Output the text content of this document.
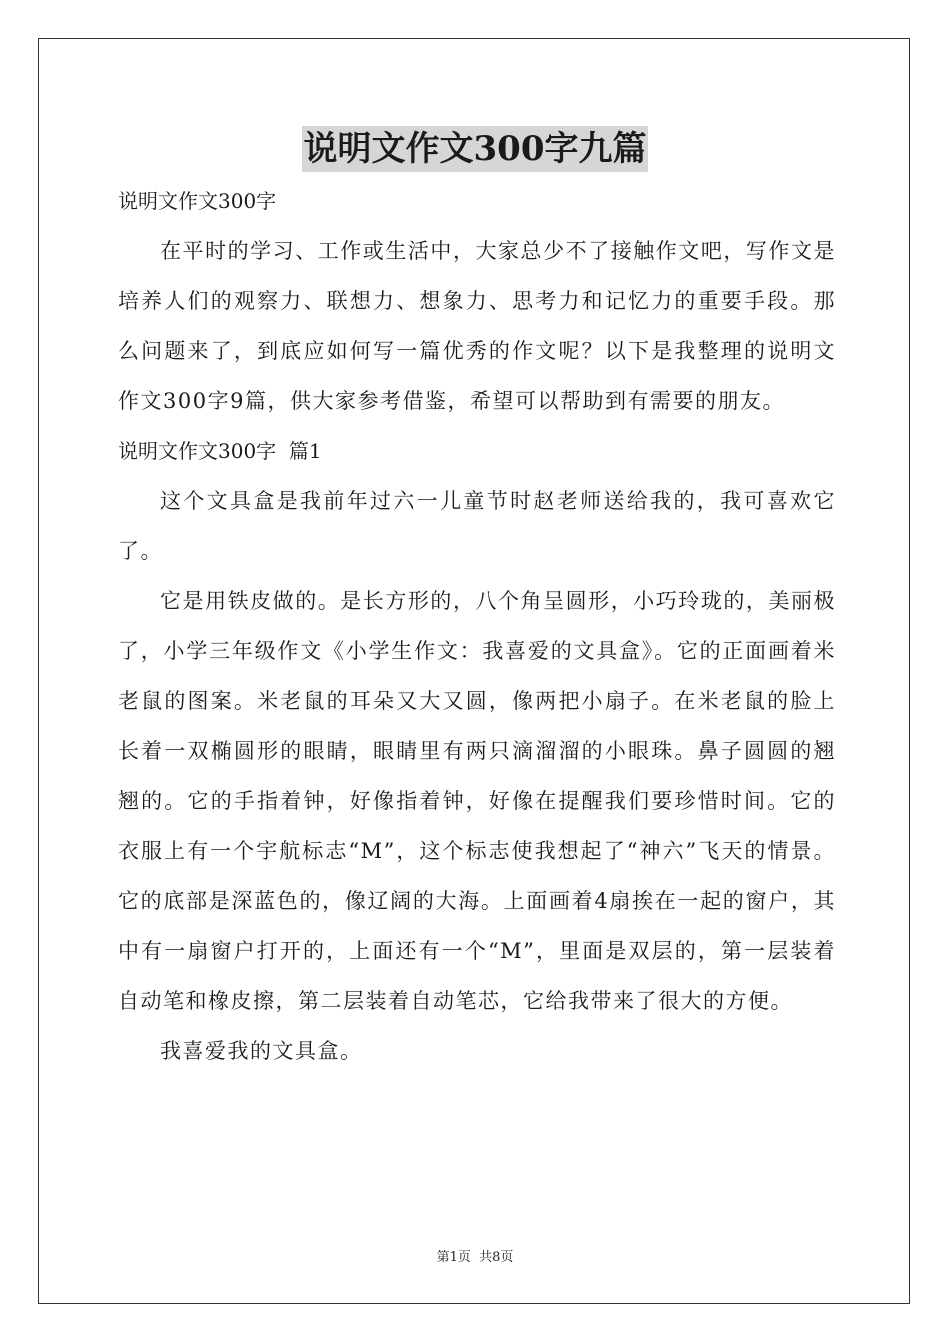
说明文作文300字九篇
说明文作文300字

在平时的学习、工作或生活中，大家总少不了接触作文吧，写作文是培养人们的观察力、联想力、想象力、思考力和记忆力的重要手段。那么问题来了，到底应如何写一篇优秀的作文呢？以下是我整理的说明文作文300字9篇，供大家参考借鉴，希望可以帮助到有需要的朋友。

说明文作文300字  篇1

这个文具盒是我前年过六一儿童节时赵老师送给我的，我可喜欢它了。

它是用铁皮做的。是长方形的，八个角呈圆形，小巧玲珑的，美丽极了，小学三年级作文《小学生作文：我喜爱的文具盒》。它的正面画着米老鼠的图案。米老鼠的耳朵又大又圆，像两把小扇子。在米老鼠的脸上长着一双椭圆形的眼睛，眼睛里有两只滴溜溜的小眼珠。鼻子圆圆的翘翘的。它的手指着钟，好像指着钟，好像在提醒我们要珍惜时间。它的衣服上有一个宇航标志“M”，这个标志使我想起了“神六”飞天的情景。它的底部是深蓝色的，像辽阔的大海。上面画着4扇挨在一起的窗户，其中有一扇窗户打开的，上面还有一个“M”，里面是双层的，第一层装着自动笔和橡皮擦，第二层装着自动笔芯，它给我带来了很大的方便。

我喜爱我的文具盒。

第1页 共8页
